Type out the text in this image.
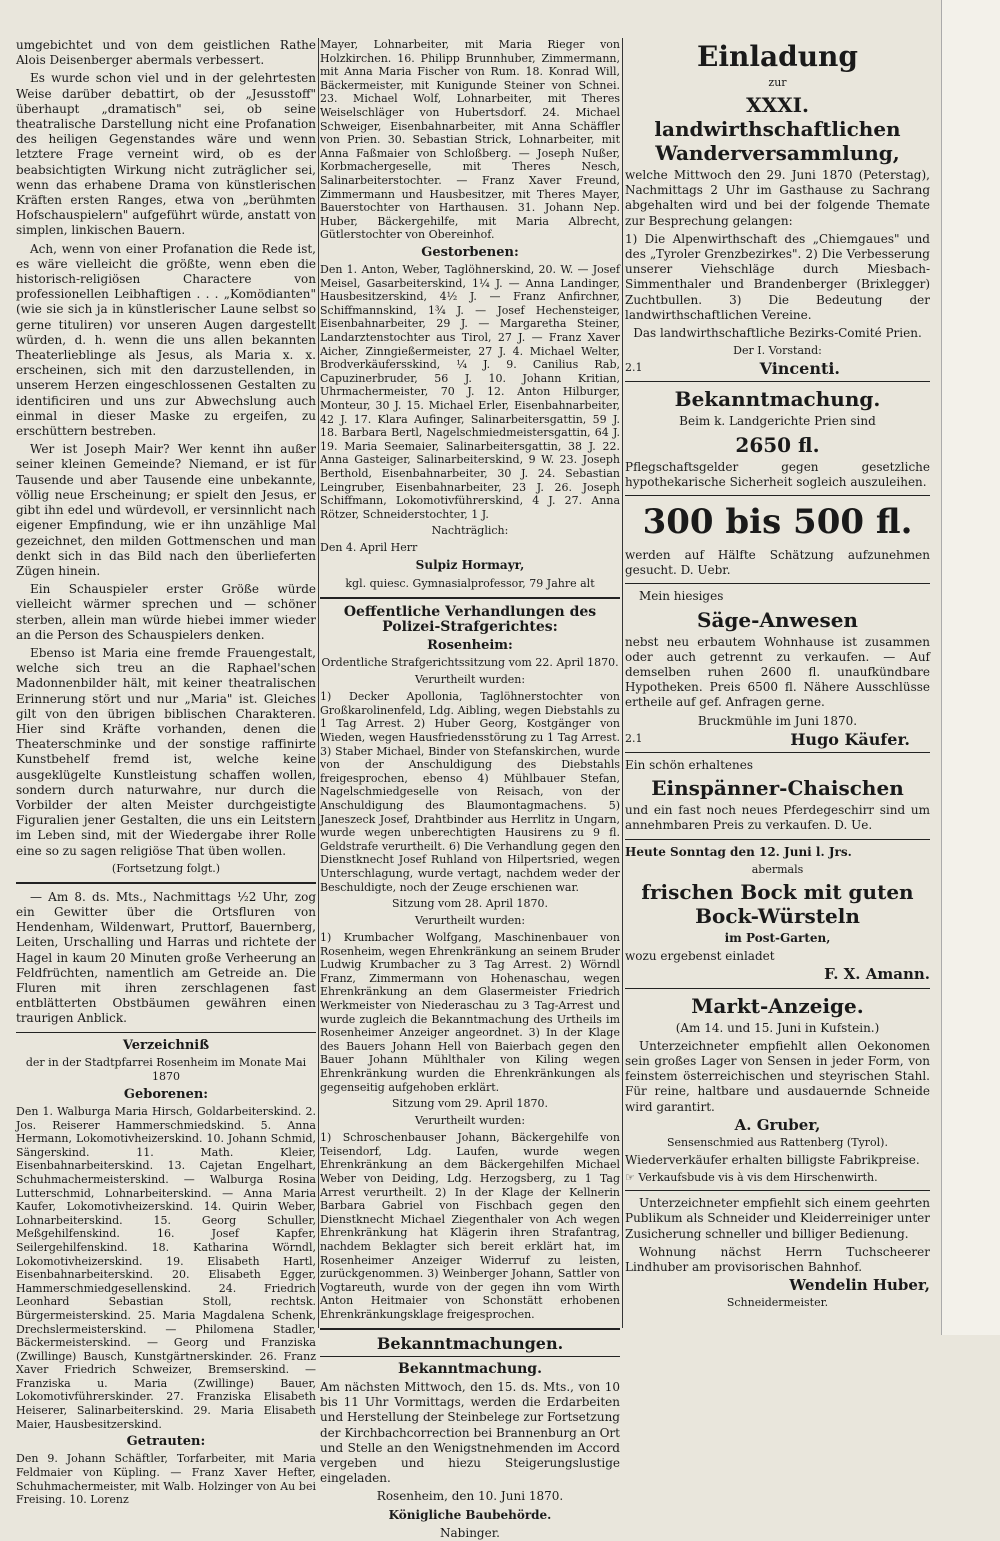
umgebichtet und von dem geistlichen Rathe Alois Deisenberger abermals verbessert.

Es wurde schon viel und in der gelehrtesten Weise darüber debattirt, ob der „Jesusstoff" überhaupt „dramatisch" sei, ob seine theatralische Darstellung nicht eine Profanation des heiligen Gegenstandes wäre und wenn letztere Frage verneint wird, ob es der beabsichtigten Wirkung nicht zuträglicher sei, wenn das erhabene Drama von künstlerischen Kräften ersten Ranges, etwa von „berühmten Hofschauspielern" aufgeführt würde, anstatt von simplen, linkischen Bauern.

Ach, wenn von einer Profanation die Rede ist, es wäre vielleicht die größte, wenn eben die historisch-religiösen Charactere von professionellen Leibhaftigen . . . „Komödianten" (wie sie sich ja in künstlerischer Laune selbst so gerne tituliren) vor unseren Augen dargestellt würden, d. h. wenn die uns allen bekannten Theaterlieblinge als Jesus, als Maria x. x. erscheinen, sich mit den darzustellenden, in unserem Herzen eingeschlossenen Gestalten zu identificiren und uns zur Abwechslung auch einmal in dieser Maske zu ergeifen, zu erschüttern bestreben.

Wer ist Joseph Mair? Wer kennt ihn außer seiner kleinen Gemeinde? Niemand, er ist für Tausende und aber Tausende eine unbekannte, völlig neue Erscheinung; er spielt den Jesus, er gibt ihn edel und würdevoll, er versinnlicht nach eigener Empfindung, wie er ihn unzählige Mal gezeichnet, den milden Gottmenschen und man denkt sich in das Bild nach den überlieferten Zügen hinein.

Ein Schauspieler erster Größe würde vielleicht wärmer sprechen und — schöner sterben, allein man würde hiebei immer wieder an die Person des Schauspielers denken.

Ebenso ist Maria eine fremde Frauengestalt, welche sich treu an die Raphael'schen Madonnenbilder hält, mit keiner theatralischen Erinnerung stört und nur „Maria" ist. Gleiches gilt von den übrigen biblischen Charakteren. Hier sind Kräfte vorhanden, denen die Theaterschminke und der sonstige raffinirte Kunstbehelf fremd ist, welche keine ausgeklügelte Kunstleistung schaffen wollen, sondern durch naturwahre, nur durch die Vorbilder der alten Meister durchgeistigte Figuralien jener Gestalten, die uns ein Leitstern im Leben sind, mit der Wiedergabe ihrer Rolle eine so zu sagen religiöse That üben wollen.

(Fortsetzung folgt.)

— Am 8. ds. Mts., Nachmittags ½2 Uhr, zog ein Gewitter über die Ortsfluren von Hendenham, Wildenwart, Pruttorf, Bauernberg, Leiten, Urschalling und Harras und richtete der Hagel in kaum 20 Minuten große Verheerung an Feldfrüchten, namentlich am Getreide an. Die Fluren mit ihren zerschlagenen fast entblätterten Obstbäumen gewähren einen traurigen Anblick.

Verzeichniß

der in der Stadtpfarrei Rosenheim im Monate Mai 1870

Geborenen:

Den 1. Walburga Maria Hirsch, Goldarbeiterskind. 2. Jos. Reiserer Hammerschmiedskind. 5. Anna Hermann, Lokomotivheizerskind. 10. Johann Schmid, Sängerskind. 11. Math. Kleier, Eisenbahnarbeiterskind. 13. Cajetan Engelhart, Schuhmachermeisterskind. — Walburga Rosina Lutterschmid, Lohnarbeiterskind. — Anna Maria Kaufer, Lokomotivheizerskind. 14. Quirin Weber, Lohnarbeiterskind. 15. Georg Schuller, Meßgehilfenskind. 16. Josef Kapfer, Seilergehilfenskind. 18. Katharina Wörndl, Lokomotivheizerskind. 19. Elisabeth Hartl, Eisenbahnarbeiterskind. 20. Elisabeth Egger, Hammerschmiedgesellenskind. 24. Friedrich Leonhard Sebastian Stoll, rechtsk. Bürgermeisterskind. 25. Maria Magdalena Schenk, Drechslermeisterskind. — Philomena Stadler, Bäckermeisterskind. — Georg und Franziska (Zwillinge) Bausch, Kunstgärtnerskinder. 26. Franz Xaver Friedrich Schweizer, Bremserskind. — Franziska u. Maria (Zwillinge) Bauer, Lokomotivführerskinder. 27. Franziska Elisabeth Heiserer, Salinarbeiterskind. 29. Maria Elisabeth Maier, Hausbesitzerskind.

Getrauten:

Den 9. Johann Schäftler, Torfarbeiter, mit Maria Feldmaier von Küpling. — Franz Xaver Hefter, Schuhmachermeister, mit Walb. Holzinger von Au bei Freising. 10. Lorenz

Mayer, Lohnarbeiter, mit Maria Rieger von Holzkirchen. 16. Philipp Brunnhuber, Zimmermann, mit Anna Maria Fischer von Rum. 18. Konrad Will, Bäckermeister, mit Kunigunde Steiner von Schnei. 23. Michael Wolf, Lohnarbeiter, mit Theres Weiselschläger von Hubertsdorf. 24. Michael Schweiger, Eisenbahnarbeiter, mit Anna Schäffler von Prien. 30. Sebastian Strick, Lohnarbeiter, mit Anna Faßmaier von Schloßberg. — Joseph Nußer, Korbmachergeselle, mit Theres Nesch, Salinarbeiterstochter. — Franz Xaver Freund, Zimmermann und Hausbesitzer, mit Theres Mayer, Bauerstochter von Harthausen. 31. Johann Nep. Huber, Bäckergehilfe, mit Maria Albrecht, Gütlerstochter von Obereinhof.

Gestorbenen:

Den 1. Anton, Weber, Taglöhnerskind, 20. W. — Josef Meisel, Gasarbeiterskind, 1¼ J. — Anna Landinger, Hausbesitzerskind, 4½ J. — Franz Anfirchner, Schiffmannskind, 1¾ J. — Josef Hechensteiger, Eisenbahnarbeiter, 29 J. — Margaretha Steiner, Landarztenstochter aus Tirol, 27 J. — Franz Xaver Aicher, Zinngießermeister, 27 J. 4. Michael Welter, Brodverkäufersskind, ¼ J. 9. Canilius Rab, Capuzinerbruder, 56 J. 10. Johann Kritian, Uhrmachermeister, 70 J. 12. Anton Hilburger, Monteur, 30 J. 15. Michael Erler, Eisenbahnarbeiter, 42 J. 17. Klara Aufinger, Salinarbeitersgattin, 59 J. 18. Barbara Bertl, Nagelschmiedmeistersgattin, 64 J. 19. Maria Seemaier, Salinarbeitersgattin, 38 J. 22. Anna Gasteiger, Salinarbeiterskind, 9 W. 23. Joseph Berthold, Eisenbahnarbeiter, 30 J. 24. Sebastian Leingruber, Eisenbahnarbeiter, 23 J. 26. Joseph Schiffmann, Lokomotivführerskind, 4 J. 27. Anna Rötzer, Schneiderstochter, 1 J.

Nachträglich:

Den 4. April Herr

Sulpiz Hormayr,

kgl. quiesc. Gymnasialprofessor, 79 Jahre alt

Oeffentliche Verhandlungen des Polizei-Strafgerichtes:
Rosenheim:

Ordentliche Strafgerichtssitzung vom 22. April 1870.

Verurtheilt wurden:

1) Decker Apollonia, Taglöhnerstochter von Großkarolinenfeld, Ldg. Aibling, wegen Diebstahls zu 1 Tag Arrest. 2) Huber Georg, Kostgänger von Wieden, wegen Hausfriedensstörung zu 1 Tag Arrest. 3) Staber Michael, Binder von Stefanskirchen, wurde von der Anschuldigung des Diebstahls freigesprochen, ebenso 4) Mühlbauer Stefan, Nagelschmiedgeselle von Reisach, von der Anschuldigung des Blaumontagmachens. 5) Janeszeck Josef, Drahtbinder aus Herrlitz in Ungarn, wurde wegen unberechtigten Hausirens zu 9 fl. Geldstrafe verurtheilt. 6) Die Verhandlung gegen den Dienstknecht Josef Ruhland von Hilpertsried, wegen Unterschlagung, wurde vertagt, nachdem weder der Beschuldigte, noch der Zeuge erschienen war.

Sitzung vom 28. April 1870.

Verurtheilt wurden:

1) Krumbacher Wolfgang, Maschinenbauer von Rosenheim, wegen Ehrenkränkung an seinem Bruder Ludwig Krumbacher zu 3 Tag Arrest. 2) Wörndl Franz, Zimmermann von Hohenaschau, wegen Ehrenkränkung an dem Glasermeister Friedrich Werkmeister von Niederaschau zu 3 Tag-Arrest und wurde zugleich die Bekanntmachung des Urtheils im Rosenheimer Anzeiger angeordnet. 3) In der Klage des Bauers Johann Hell von Baierbach gegen den Bauer Johann Mühlthaler von Kiling wegen Ehrenkränkung wurden die Ehrenkränkungen als gegenseitig aufgehoben erklärt.

Sitzung vom 29. April 1870.

Verurtheilt wurden:

1) Schroschenbauser Johann, Bäckergehilfe von Teisendorf, Ldg. Laufen, wurde wegen Ehrenkränkung an dem Bäckergehilfen Michael Weber von Deiding, Ldg. Herzogsberg, zu 1 Tag Arrest verurtheilt. 2) In der Klage der Kellnerin Barbara Gabriel von Fischbach gegen den Dienstknecht Michael Ziegenthaler von Ach wegen Ehrenkränkung hat Klägerin ihren Strafantrag, nachdem Beklagter sich bereit erklärt hat, im Rosenheimer Anzeiger Widerruf zu leisten, zurückgenommen. 3) Weinberger Johann, Sattler von Vogtareuth, wurde von der gegen ihn vom Wirth Anton Heitmaier von Schonstätt erhobenen Ehrenkränkungsklage freigesprochen.

Bekanntmachungen.
Bekanntmachung.

Am nächsten Mittwoch, den 15. ds. Mts., von 10 bis 11 Uhr Vormittags, werden die Erdarbeiten und Herstellung der Steinbelege zur Fortsetzung der Kirchbachcorrection bei Brannenburg an Ort und Stelle an den Wenigstnehmenden im Accord vergeben und hiezu Steigerungslustige eingeladen.

Rosenheim, den 10. Juni 1870.

Königliche Baubehörde.

Nabinger.

Einladung

zur

XXXI. landwirthschaftlichen Wanderversammlung,

welche Mittwoch den 29. Juni 1870 (Peterstag), Nachmittags 2 Uhr im Gasthause zu Sachrang abgehalten wird und bei der folgende Themate zur Besprechung gelangen:

1) Die Alpenwirthschaft des „Chiemgaues" und des „Tyroler Grenzbezirkes". 2) Die Verbesserung unserer Viehschläge durch Miesbach-Simmenthaler und Brandenberger (Brixlegger) Zuchtbullen. 3) Die Bedeutung der landwirthschaftlichen Vereine.

Das landwirthschaftliche Bezirks-Comité Prien.

Der I. Vorstand:

2.1	Vincenti.
Bekanntmachung.

Beim k. Landgerichte Prien sind

2650 fl.

Pflegschaftsgelder gegen gesetzliche hypothekarische Sicherheit sogleich auszuleihen.

300 bis 500 fl.

werden auf Hälfte Schätzung aufzunehmen gesucht. D. Uebr.

Mein hiesiges

Säge-Anwesen

nebst neu erbautem Wohnhause ist zusammen oder auch getrennt zu verkaufen. — Auf demselben ruhen 2600 fl. unaufkündbare Hypotheken. Preis 6500 fl. Nähere Ausschlüsse ertheile auf gef. Anfragen gerne.

Bruckmühle im Juni 1870.

2.1	Hugo Käufer.

Ein schön erhaltenes

Einspänner-Chaischen

und ein fast noch neues Pferdegeschirr sind um annehmbaren Preis zu verkaufen. D. Ue.

Heute Sonntag den 12. Juni l. Jrs.

abermals

frischen Bock mit guten Bock-Würsteln

im Post-Garten,

wozu ergebenst einladet

F. X. Amann.

Markt-Anzeige.

(Am 14. und 15. Juni in Kufstein.)

Unterzeichneter empfiehlt allen Oekonomen sein großes Lager von Sensen in jeder Form, von feinstem österreichischen und steyrischen Stahl. Für reine, haltbare und ausdauernde Schneide wird garantirt.

A. Gruber,

Sensenschmied aus Rattenberg (Tyrol).

Wiederverkäufer erhalten billigste Fabrikpreise.

☞ Verkaufsbude vis à vis dem Hirschenwirth.

Unterzeichneter empfiehlt sich einem geehrten Publikum als Schneider und Kleiderreiniger unter Zusicherung schneller und billiger Bedienung.

Wohnung nächst Herrn Tuchscheerer Lindhuber am provisorischen Bahnhof.

Wendelin Huber,

Schneidermeister.
